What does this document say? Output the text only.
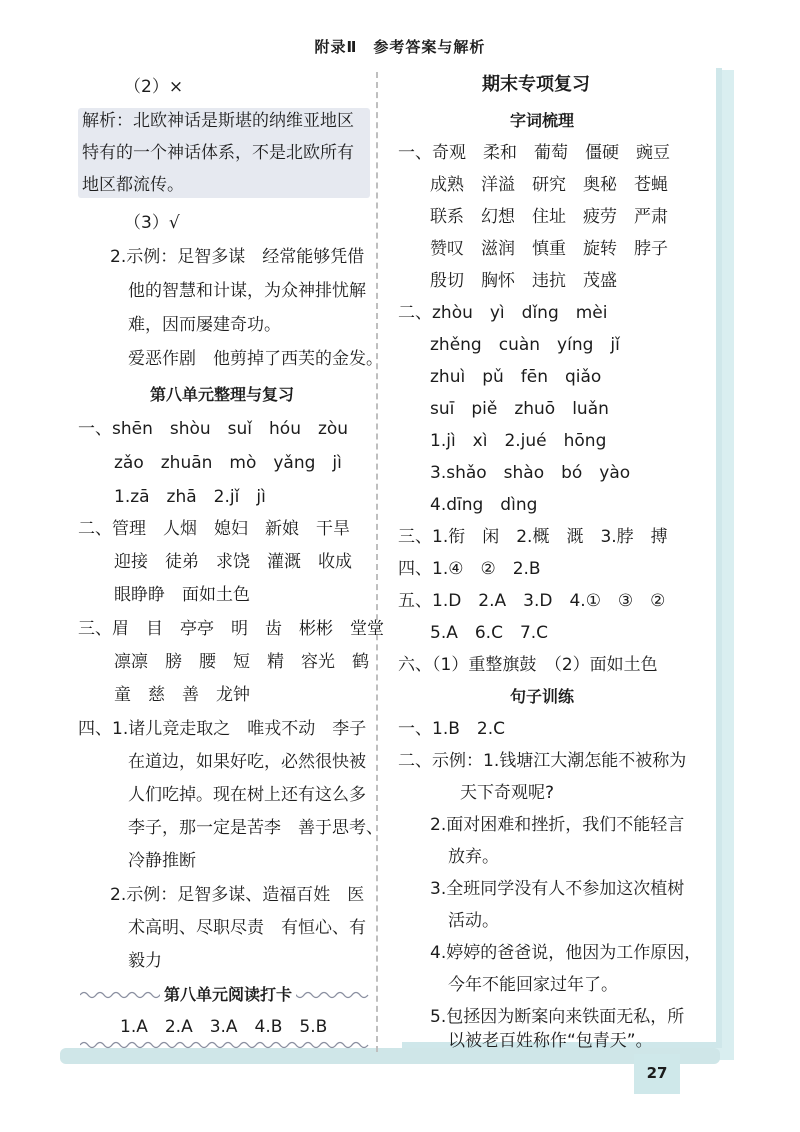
27
附录Ⅱ　参考答案与解析
（2）×
解析：北欧神话是斯堪的纳维亚地区
特有的一个神话体系，不是北欧所有
地区都流传。
（3）√
2.示例：足智多谋　经常能够凭借
他的智慧和计谋，为众神排忧解
难，因而屡建奇功。
爱恶作剧　他剪掉了西芙的金发。
第八单元整理与复习
一、shēn　shòu　suǐ　hóu　zòu
zǎo　zhuān　mò　yǎng　jì
1.zā　zhā　2.jǐ　jì
二、管理　人烟　媳妇　新娘　干旱
迎接　徒弟　求饶　灌溉　收成
眼睁睁　面如土色
三、眉　目　亭亭　明　齿　彬彬　堂堂
凛凛　膀　腰　短　精　容光　鹤
童　慈　善　龙钟
四、1.诸儿竞走取之　唯戎不动　李子
在道边，如果好吃，必然很快被
人们吃掉。现在树上还有这么多
李子，那一定是苦李　善于思考、
冷静推断
2.示例：足智多谋、造福百姓　医
术高明、尽职尽责　有恒心、有
毅力
第八单元阅读打卡
1.A　2.A　3.A　4.B　5.B
期末专项复习
字词梳理
一、奇观　柔和　葡萄　僵硬　豌豆
成熟　洋溢　研究　奥秘　苍蝇
联系　幻想　住址　疲劳　严肃
赞叹　滋润　慎重　旋转　脖子
殷切　胸怀　违抗　茂盛
二、zhòu　yì　dǐng　mèi
zhěng　cuàn　yíng　jǐ
zhuì　pǔ　fēn　qiǎo
suī　piě　zhuō　luǎn
1.jì　xì　2.jué　hōng
3.shǎo　shào　bó　yào
4.dīng　dìng
三、1.衔　闲　2.概　溉　3.脖　搏
四、1.④　②　2.B
五、1.D　2.A　3.D　4.①　③　②
5.A　6.C　7.C
六、（1）重整旗鼓　（2）面如土色
句子训练
一、1.B　2.C
二、示例：1.钱塘江大潮怎能不被称为
天下奇观呢?
2.面对困难和挫折，我们不能轻言
放弃。
3.全班同学没有人不参加这次植树
活动。
4.婷婷的爸爸说，他因为工作原因，
今年不能回家过年了。
5.包拯因为断案向来铁面无私，所
以被老百姓称作“包青天”。
